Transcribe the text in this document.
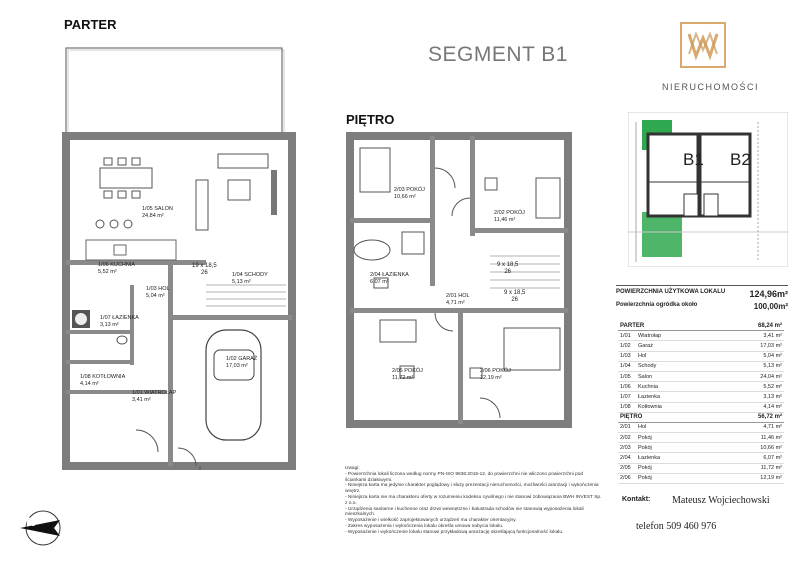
PARTER
PIĘTRO
SEGMENT B1
NIERUCHOMOŚCI
B1 B2
POWIERZCHNIA UŻYTKOWA LOKALU	124,96m²
Powierzchnia ogródka około	100,00m²
PARTER	68,24 m²
1/01 Wiatrołap	3,41 m²
1/02 Garaż	17,03 m²
1/03 Hol	5,04 m²
1/04 Schody	5,13 m²
1/05 Salon	24,04 m²
1/06 Kuchnia	5,52 m²
1/07 Łazienka	3,13 m²
1/08 Kotłownia	4,14 m²
PIĘTRO	56,72 m²
2/01 Hol	4,71 m²
2/02 Pokój	11,46 m²
2/03 Pokój	10,66 m²
2/04 Łazienka	6,07 m²
2/05 Pokój	11,72 m²
2/06 Pokój	12,19 m²
Kontakt: Mateusz Wojciechowski
telefon 509 460 976
Uwagi:
- Powierzchnia lokali liczona według normy PN-ISO 9836:2015-12, do powierzchni nie wliczono powierzchni pod ściankami działowymi.
- Niniejsza karta ma jedynie charakter poglądowy i służy prezentacji nieruchomości, możliwości aranżacji i wykończenia wnętrz.
- Niniejsza karta nie ma charakteru oferty w rozumieniu kodeksu cywilnego i nie stanowi zobowiązania BWH INVEST Sp. z o.o.
- Urządzenia sanitarne i kuchenne oraz drzwi wewnętrzne i balustrada schodów nie stanowią wyposażenia lokali mieszkalnych.
- Wyposażenie i wielkość zaprojektowanych urządzeń ma charakter orientacyjny.
- Zakres wyposażenia i wykończenia lokalu określa umowa nabycia lokalu.
- Wyposażenie i wykończenie lokalu stanowi przykładową aranżację określającą funkcjonalność lokalu.
N
1/05 SALON
24,84 m²
1/06 KUCHNIA
5,52 m²
1/03 HOL
5,04 m²
1/04 SCHODY
5,13 m²
1/07 ŁAZIENKA
3,13 m²
1/02 GARAŻ
17,03 m²
1/08 KOTŁOWNIA
4,14 m²
1/01 WIATROŁAP
3,41 m²
19 x 18,5
26
2/03 POKÓJ
10,66 m²
2/02 POKÓJ
11,46 m²
2/04 ŁAZIENKA
6,07 m²
2/01 HOL
4,71 m²
2/05 POKÓJ
11,72 m²
2/06 POKÓJ
12,19 m²
9 x 18,5
26
9 x 18,5
26
